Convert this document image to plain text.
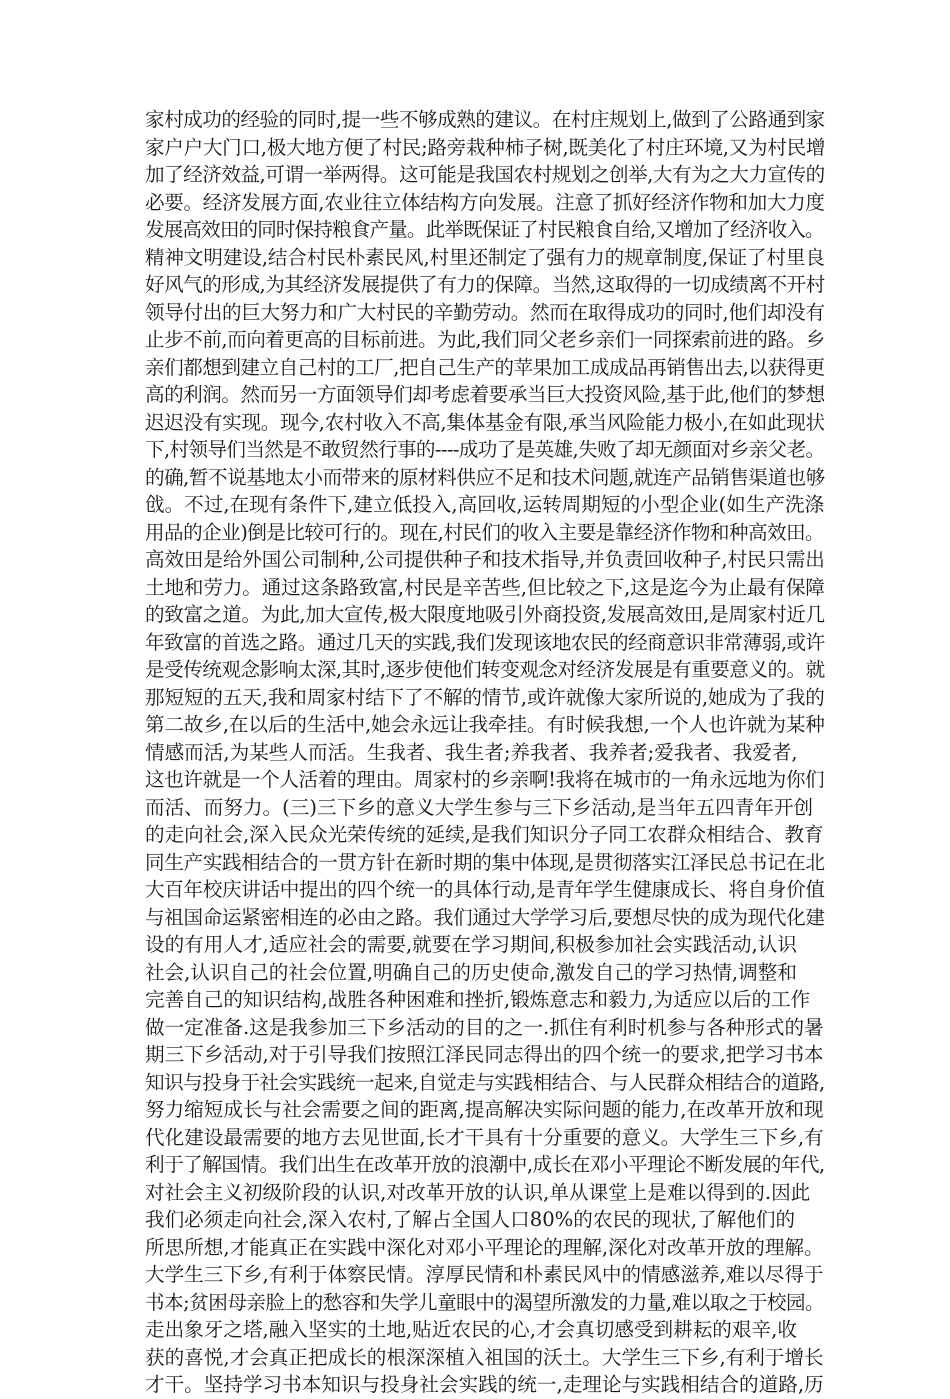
家村成功的经验的同时,提一些不够成熟的建议。在村庄规划上,做到了公路通到家
家户户大门口,极大地方便了村民;路旁栽种柿子树,既美化了村庄环境,又为村民增
加了经济效益,可谓一举两得。这可能是我国农村规划之创举,大有为之大力宣传的
必要。经济发展方面,农业往立体结构方向发展。注意了抓好经济作物和加大力度
发展高效田的同时保持粮食产量。此举既保证了村民粮食自给,又增加了经济收入。
精神文明建设,结合村民朴素民风,村里还制定了强有力的规章制度,保证了村里良
好风气的形成,为其经济发展提供了有力的保障。当然,这取得的一切成绩离不开村
领导付出的巨大努力和广大村民的辛勤劳动。然而在取得成功的同时,他们却没有
止步不前,而向着更高的目标前进。为此,我们同父老乡亲们一同探索前进的路。乡
亲们都想到建立自己村的工厂,把自己生产的苹果加工成成品再销售出去,以获得更
高的利润。然而另一方面领导们却考虑着要承当巨大投资风险,基于此,他们的梦想
迟迟没有实现。现今,农村收入不高,集体基金有限,承当风险能力极小,在如此现状
下,村领导们当然是不敢贸然行事的----成功了是英雄,失败了却无颜面对乡亲父老。
的确,暂不说基地太小而带来的原材料供应不足和技术问题,就连产品销售渠道也够
戗。不过,在现有条件下,建立低投入,高回收,运转周期短的小型企业(如生产洗涤
用品的企业)倒是比较可行的。现在,村民们的收入主要是靠经济作物和种高效田。
高效田是给外国公司制种,公司提供种子和技术指导,并负责回收种子,村民只需出
土地和劳力。通过这条路致富,村民是辛苦些,但比较之下,这是迄今为止最有保障
的致富之道。为此,加大宣传,极大限度地吸引外商投资,发展高效田,是周家村近几
年致富的首选之路。通过几天的实践,我们发现该地农民的经商意识非常薄弱,或许
是受传统观念影响太深,其时,逐步使他们转变观念对经济发展是有重要意义的。就
那短短的五天,我和周家村结下了不解的情节,或许就像大家所说的,她成为了我的
第二故乡,在以后的生活中,她会永远让我牵挂。有时候我想,一个人也许就为某种
情感而活,为某些人而活。生我者、我生者;养我者、我养者;爱我者、我爱者,
这也许就是一个人活着的理由。周家村的乡亲啊!我将在城市的一角永远地为你们
而活、而努力。(三)三下乡的意义大学生参与三下乡活动,是当年五四青年开创
的走向社会,深入民众光荣传统的延续,是我们知识分子同工农群众相结合、教育
同生产实践相结合的一贯方针在新时期的集中体现,是贯彻落实江泽民总书记在北
大百年校庆讲话中提出的四个统一的具体行动,是青年学生健康成长、将自身价值
与祖国命运紧密相连的必由之路。我们通过大学学习后,要想尽快的成为现代化建
设的有用人才,适应社会的需要,就要在学习期间,积极参加社会实践活动,认识
社会,认识自己的社会位置,明确自己的历史使命,激发自己的学习热情,调整和
完善自己的知识结构,战胜各种困难和挫折,锻炼意志和毅力,为适应以后的工作
做一定准备.这是我参加三下乡活动的目的之一.抓住有利时机参与各种形式的暑
期三下乡活动,对于引导我们按照江泽民同志得出的四个统一的要求,把学习书本
知识与投身于社会实践统一起来,自觉走与实践相结合、与人民群众相结合的道路,
努力缩短成长与社会需要之间的距离,提高解决实际问题的能力,在改革开放和现
代化建设最需要的地方去见世面,长才干具有十分重要的意义。大学生三下乡,有
利于了解国情。我们出生在改革开放的浪潮中,成长在邓小平理论不断发展的年代,
对社会主义初级阶段的认识,对改革开放的认识,单从课堂上是难以得到的.因此
我们必须走向社会,深入农村,了解占全国人口80%的农民的现状,了解他们的
所思所想,才能真正在实践中深化对邓小平理论的理解,深化对改革开放的理解。
大学生三下乡,有利于体察民情。淳厚民情和朴素民风中的情感滋养,难以尽得于
书本;贫困母亲脸上的愁容和失学儿童眼中的渴望所激发的力量,难以取之于校园。
走出象牙之塔,融入坚实的土地,贴近农民的心,才会真切感受到耕耘的艰辛,收
获的喜悦,才会真正把成长的根深深植入祖国的沃土。大学生三下乡,有利于增长
才干。坚持学习书本知识与投身社会实践的统一,走理论与实践相结合的道路,历
